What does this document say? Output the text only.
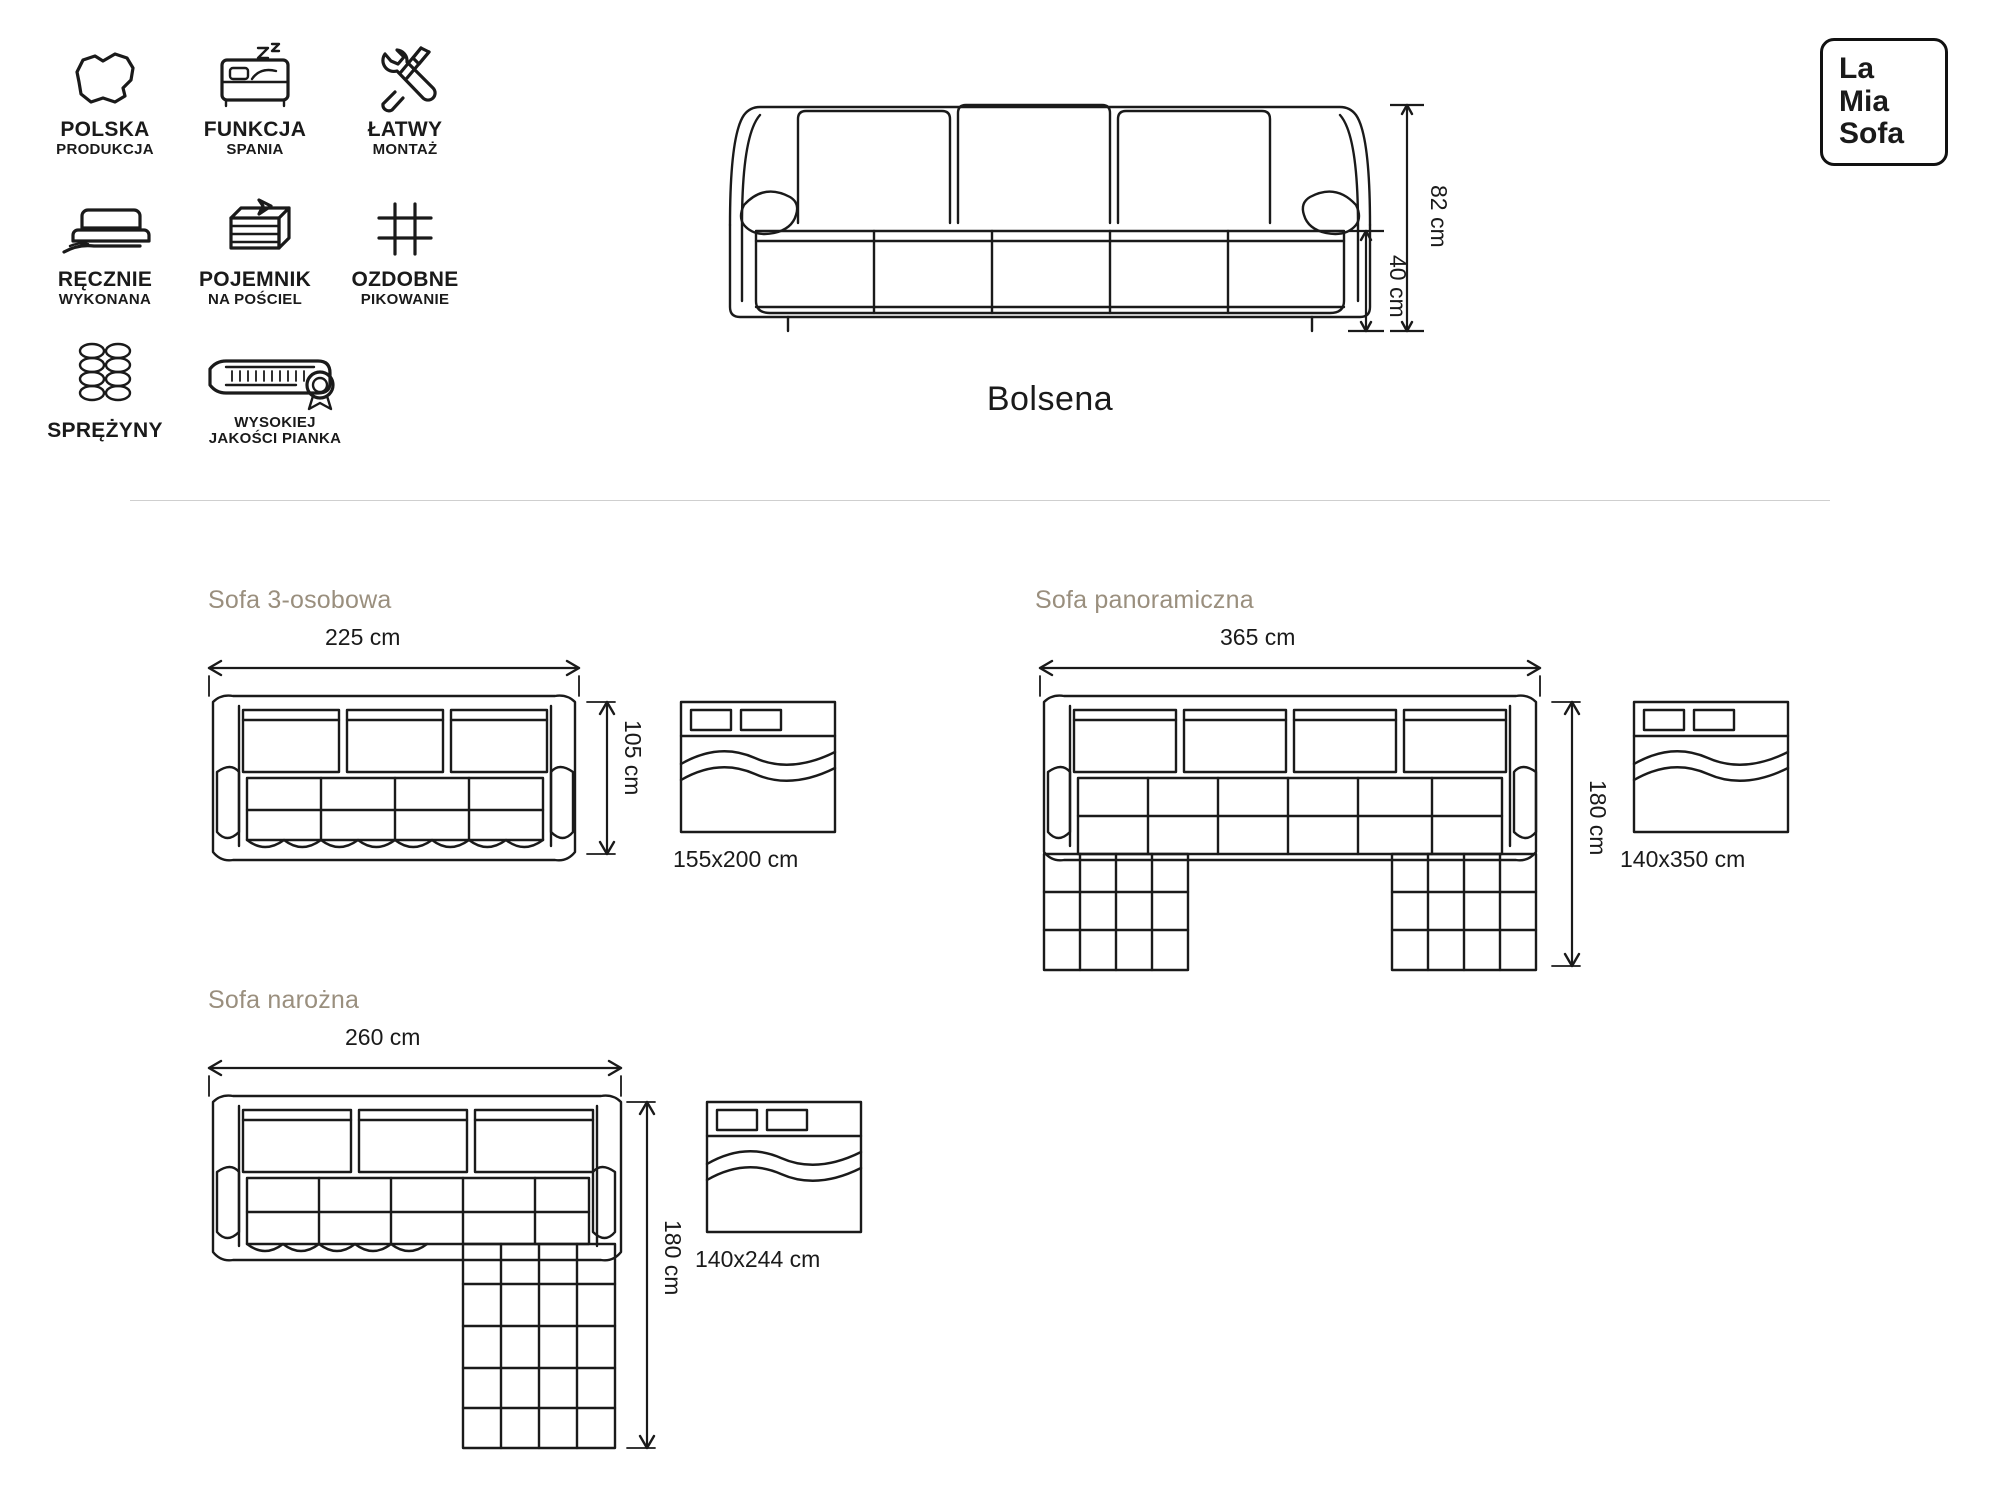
POLSKA
PRODUKCJA
FUNKCJA
SPANIA
ŁATWY
MONTAŻ
RĘCZNIE
WYKONANA
POJEMNIK
NA POŚCIEL
OZDOBNE
PIKOWANIE
SPRĘŻYNY	WYSOKIEJ
JAKOŚCI PIANKA
82 cm
40 cm
Bolsena
La
Mia
Sofa
Sofa 3-osobowa
225 cm
105 cm
155x200 cm
Sofa panoramiczna
365 cm
180 cm
140x350 cm
Sofa narożna
260 cm
180 cm 140x244 cm
